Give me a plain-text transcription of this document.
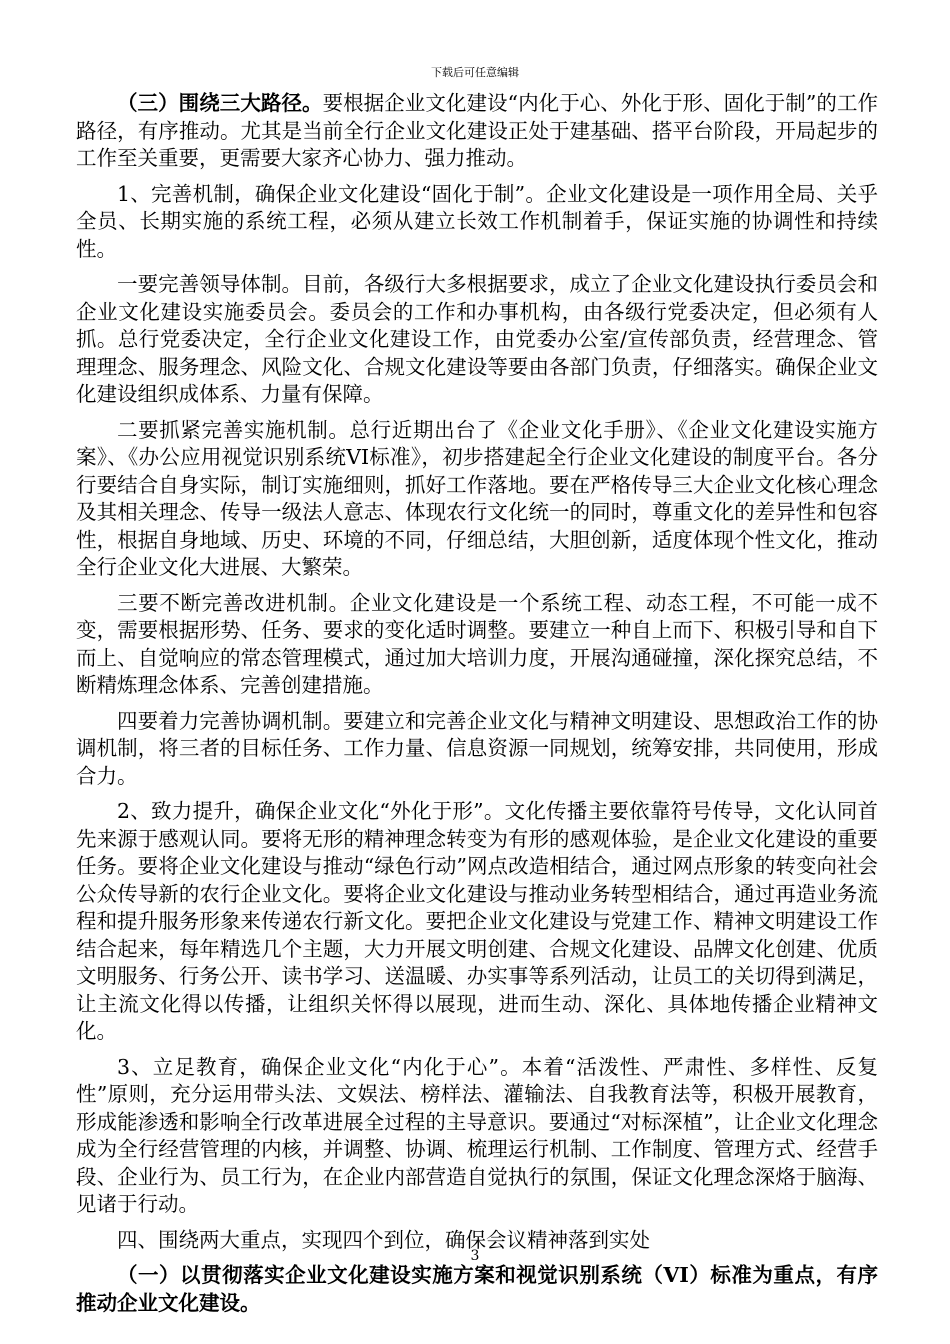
下载后可任意编辑

（三）围绕三大路径。要根据企业文化建设“内化于心、外化于形、固化于制”的工作路径，有序推动。尤其是当前全行企业文化建设正处于建基础、搭平台阶段，开局起步的工作至关重要，更需要大家齐心协力、强力推动。

1、完善机制，确保企业文化建设“固化于制”。企业文化建设是一项作用全局、关乎全员、长期实施的系统工程，必须从建立长效工作机制着手，保证实施的协调性和持续性。

一要完善领导体制。目前，各级行大多根据要求，成立了企业文化建设执行委员会和企业文化建设实施委员会。委员会的工作和办事机构，由各级行党委决定，但必须有人抓。总行党委决定，全行企业文化建设工作，由党委办公室/宣传部负责，经营理念、管理理念、服务理念、风险文化、合规文化建设等要由各部门负责，仔细落实。确保企业文化建设组织成体系、力量有保障。

二要抓紧完善实施机制。总行近期出台了《企业文化手册》、《企业文化建设实施方案》、《办公应用视觉识别系统VI标准》，初步搭建起全行企业文化建设的制度平台。各分行要结合自身实际，制订实施细则，抓好工作落地。要在严格传导三大企业文化核心理念及其相关理念、传导一级法人意志、体现农行文化统一的同时，尊重文化的差异性和包容性，根据自身地域、历史、环境的不同，仔细总结，大胆创新，适度体现个性文化，推动全行企业文化大进展、大繁荣。

三要不断完善改进机制。企业文化建设是一个系统工程、动态工程，不可能一成不变，需要根据形势、任务、要求的变化适时调整。要建立一种自上而下、积极引导和自下而上、自觉响应的常态管理模式，通过加大培训力度，开展沟通碰撞，深化探究总结，不断精炼理念体系、完善创建措施。

四要着力完善协调机制。要建立和完善企业文化与精神文明建设、思想政治工作的协调机制，将三者的目标任务、工作力量、信息资源一同规划，统筹安排，共同使用，形成合力。

2、致力提升，确保企业文化“外化于形”。文化传播主要依靠符号传导，文化认同首先来源于感观认同。要将无形的精神理念转变为有形的感观体验，是企业文化建设的重要任务。要将企业文化建设与推动“绿色行动”网点改造相结合，通过网点形象的转变向社会公众传导新的农行企业文化。要将企业文化建设与推动业务转型相结合，通过再造业务流程和提升服务形象来传递农行新文化。要把企业文化建设与党建工作、精神文明建设工作结合起来，每年精选几个主题，大力开展文明创建、合规文化建设、品牌文化创建、优质文明服务、行务公开、读书学习、送温暖、办实事等系列活动，让员工的关切得到满足，让主流文化得以传播，让组织关怀得以展现，进而生动、深化、具体地传播企业精神文化。

3、立足教育，确保企业文化“内化于心”。本着“活泼性、严肃性、多样性、反复性”原则，充分运用带头法、文娱法、榜样法、灌输法、自我教育法等，积极开展教育，形成能渗透和影响全行改革进展全过程的主导意识。要通过“对标深植”，让企业文化理念成为全行经营管理的内核，并调整、协调、梳理运行机制、工作制度、管理方式、经营手段、企业行为、员工行为，在企业内部营造自觉执行的氛围，保证文化理念深烙于脑海、见诸于行动。

四、围绕两大重点，实现四个到位，确保会议精神落到实处

（一）以贯彻落实企业文化建设实施方案和视觉识别系统（VI）标准为重点，有序推动企业文化建设。

3
